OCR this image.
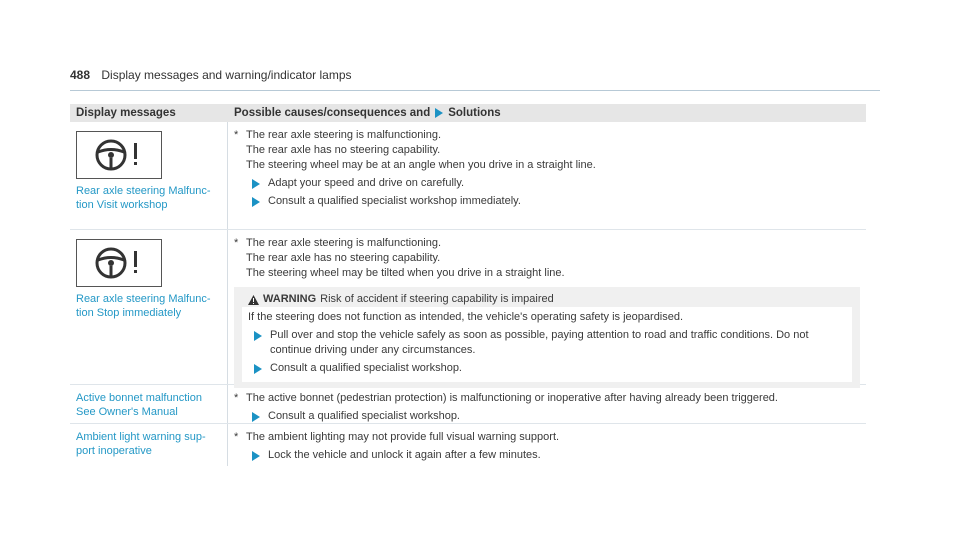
488 Display messages and warning/indicator lamps
Display messages	Possible causes/consequences and Solutions
Rear axle steering Malfunc-tion Visit workshop
* The rear axle steering is malfunctioning.
The rear axle has no steering capability.
The steering wheel may be at an angle when you drive in a straight line.
Adapt your speed and drive on carefully.
Consult a qualified specialist workshop immediately.
Rear axle steering Malfunc-tion Stop immediately
* The rear axle steering is malfunctioning.
The rear axle has no steering capability.
The steering wheel may be tilted when you drive in a straight line.
WARNING Risk of accident if steering capability is impaired
If the steering does not function as intended, the vehicle's operating safety is jeopardised.
Pull over and stop the vehicle safely as soon as possible, paying attention to road and traffic conditions. Do not continue driving under any circumstances.
Consult a qualified specialist workshop.
Active bonnet malfunction See Owner's Manual
* The active bonnet (pedestrian protection) is malfunctioning or inoperative after having already been triggered.
Consult a qualified specialist workshop.
Ambient light warning sup-port inoperative
* The ambient lighting may not provide full visual warning support.
Lock the vehicle and unlock it again after a few minutes.
